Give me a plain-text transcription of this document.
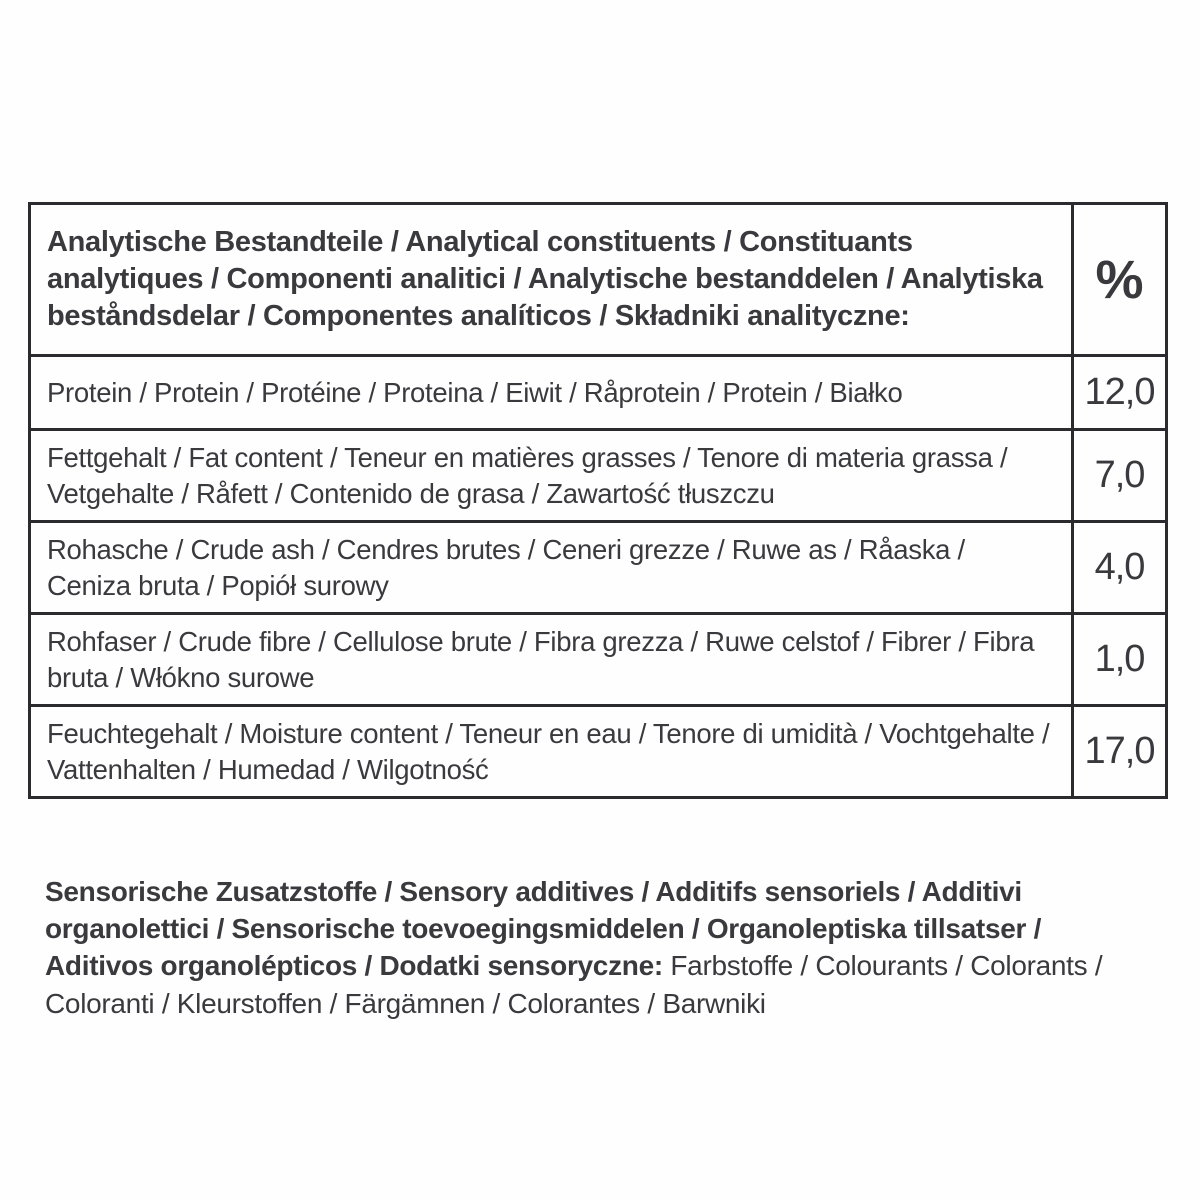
Analytische Bestandteile / Analytical constituents / Constituants analytiques / Componenti analitici / Analytische bestanddelen / Analytiska beståndsdelar / Componentes analíticos / Składniki analityczne:	%
Protein / Protein / Protéine / Proteina / Eiwit / Råprotein / Protein / Białko	12,0
Fettgehalt / Fat content / Teneur en matières grasses / Tenore di materia grassa / Vetgehalte / Råfett / Contenido de grasa / Zawartość tłuszczu	7,0
Rohasche / Crude ash / Cendres brutes / Ceneri grezze / Ruwe as / Råaska / Ceniza bruta / Popiół surowy	4,0
Rohfaser / Crude fibre / Cellulose brute / Fibra grezza / Ruwe celstof / Fibrer / Fibra bruta / Włókno surowe	1,0
Feuchtegehalt / Moisture content / Teneur en eau / Tenore di umidità / Vochtgehalte / Vattenhalten / Humedad / Wilgotność	17,0

Sensorische Zusatzstoffe / Sensory additives / Additifs sensoriels / Additivi organolettici / Sensorische toevoegingsmiddelen / Organoleptiska tillsatser / Aditivos organolépticos / Dodatki sensoryczne: Farbstoffe / Colourants / Colorants / Coloranti / Kleurstoffen / Färgämnen / Colorantes / Barwniki
